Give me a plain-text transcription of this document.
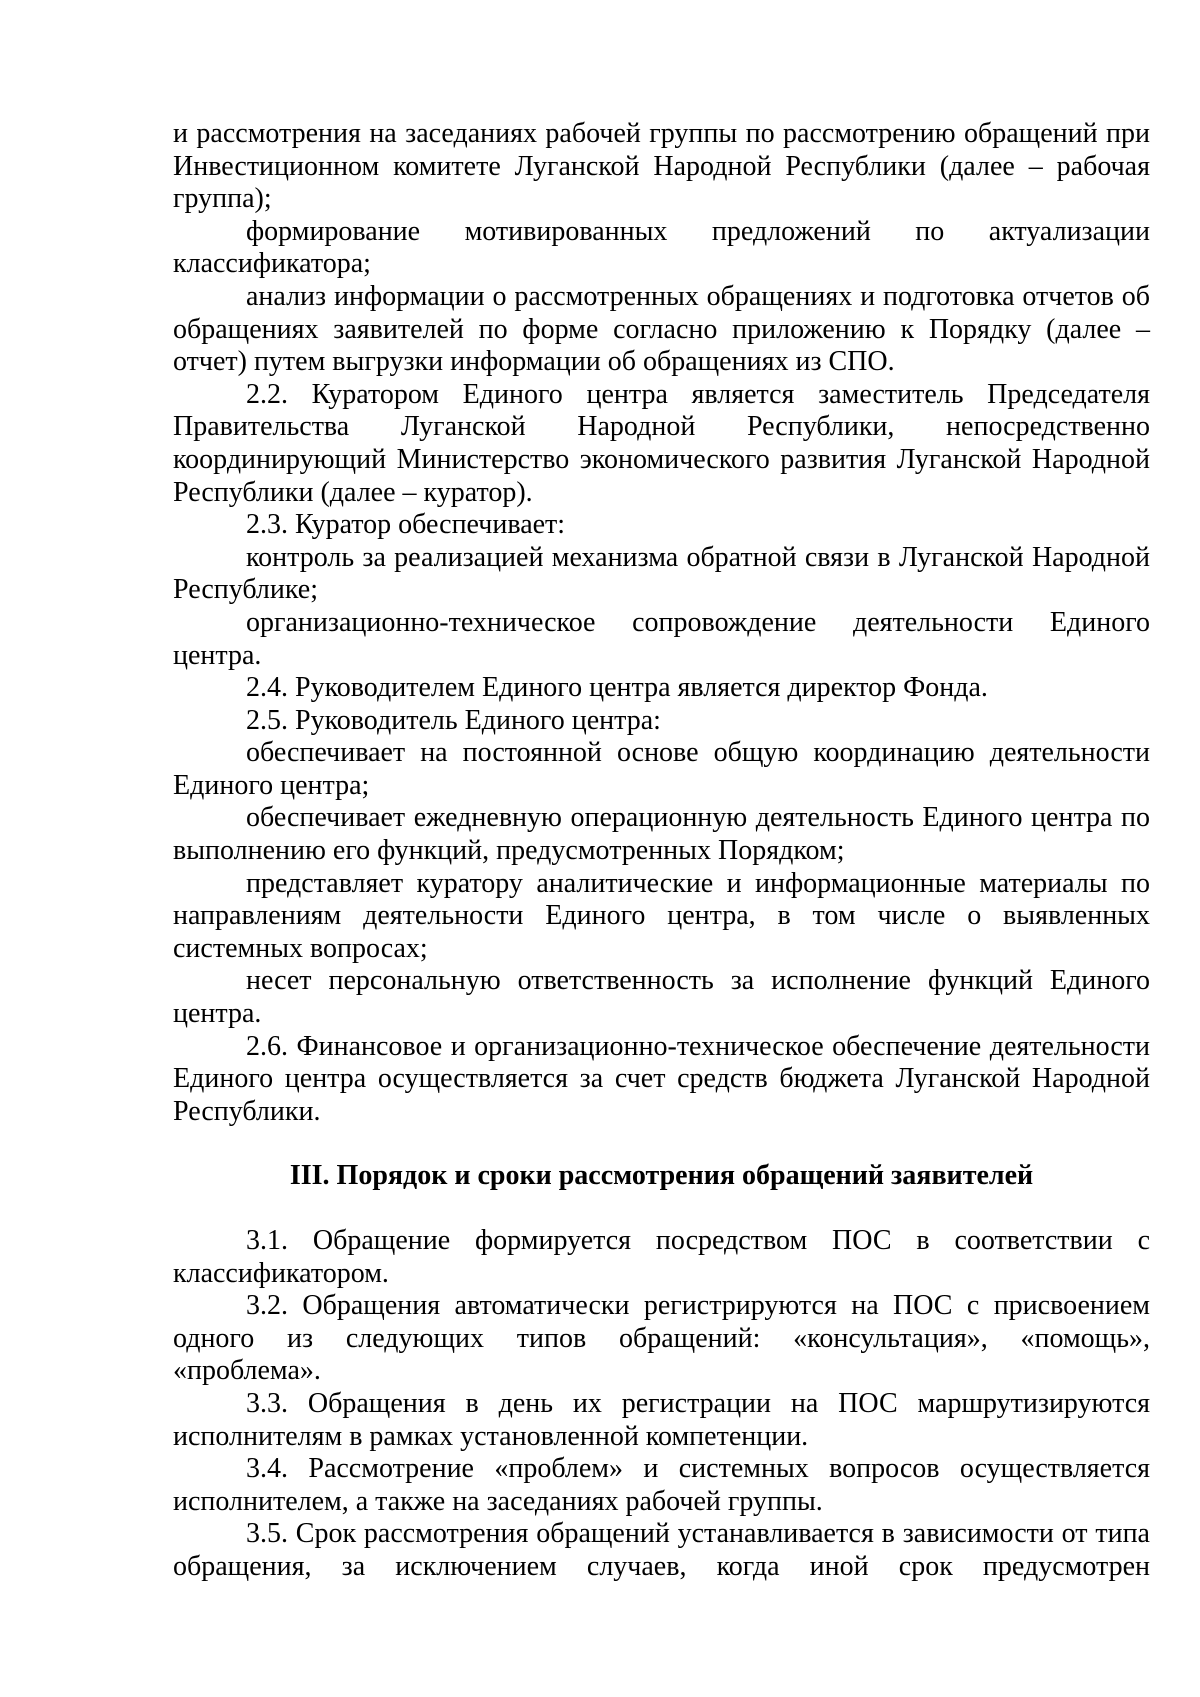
и рассмотрения на заседаниях рабочей группы по рассмотрению обращений при Инвестиционном комитете Луганской Народной Республики (далее – рабочая группа);

формирование мотивированных предложений по актуализации классификатора;

анализ информации о рассмотренных обращениях и подготовка отчетов об обращениях заявителей по форме согласно приложению к Порядку (далее – отчет) путем выгрузки информации об обращениях из СПО.

2.2. Куратором Единого центра является заместитель Председателя Правительства Луганской Народной Республики, непосредственно координирующий Министерство экономического развития Луганской Народной Республики (далее – куратор).

2.3. Куратор обеспечивает:

контроль за реализацией механизма обратной связи в Луганской Народной Республике;

организационно-техническое сопровождение деятельности Единого центра.

2.4. Руководителем Единого центра является директор Фонда.

2.5. Руководитель Единого центра:

обеспечивает на постоянной основе общую координацию деятельности Единого центра;

обеспечивает ежедневную операционную деятельность Единого центра по выполнению его функций, предусмотренных Порядком;

представляет куратору аналитические и информационные материалы по направлениям деятельности Единого центра, в том числе о выявленных системных вопросах;

несет персональную ответственность за исполнение функций Единого центра.

2.6. Финансовое и организационно-техническое обеспечение деятельности Единого центра осуществляется за счет средств бюджета Луганской Народной Республики.

III. Порядок и сроки рассмотрения обращений заявителей

3.1. Обращение формируется посредством ПОС в соответствии с классификатором.

3.2. Обращения автоматически регистрируются на ПОС с присвоением одного из следующих типов обращений: «консультация», «помощь», «проблема».

3.3. Обращения в день их регистрации на ПОС маршрутизируются исполнителям в рамках установленной компетенции.

3.4. Рассмотрение «проблем» и системных вопросов осуществляется исполнителем, а также на заседаниях рабочей группы.

3.5. Срок рассмотрения обращений устанавливается в зависимости от типа обращения, за исключением случаев, когда иной срок предусмотрен
